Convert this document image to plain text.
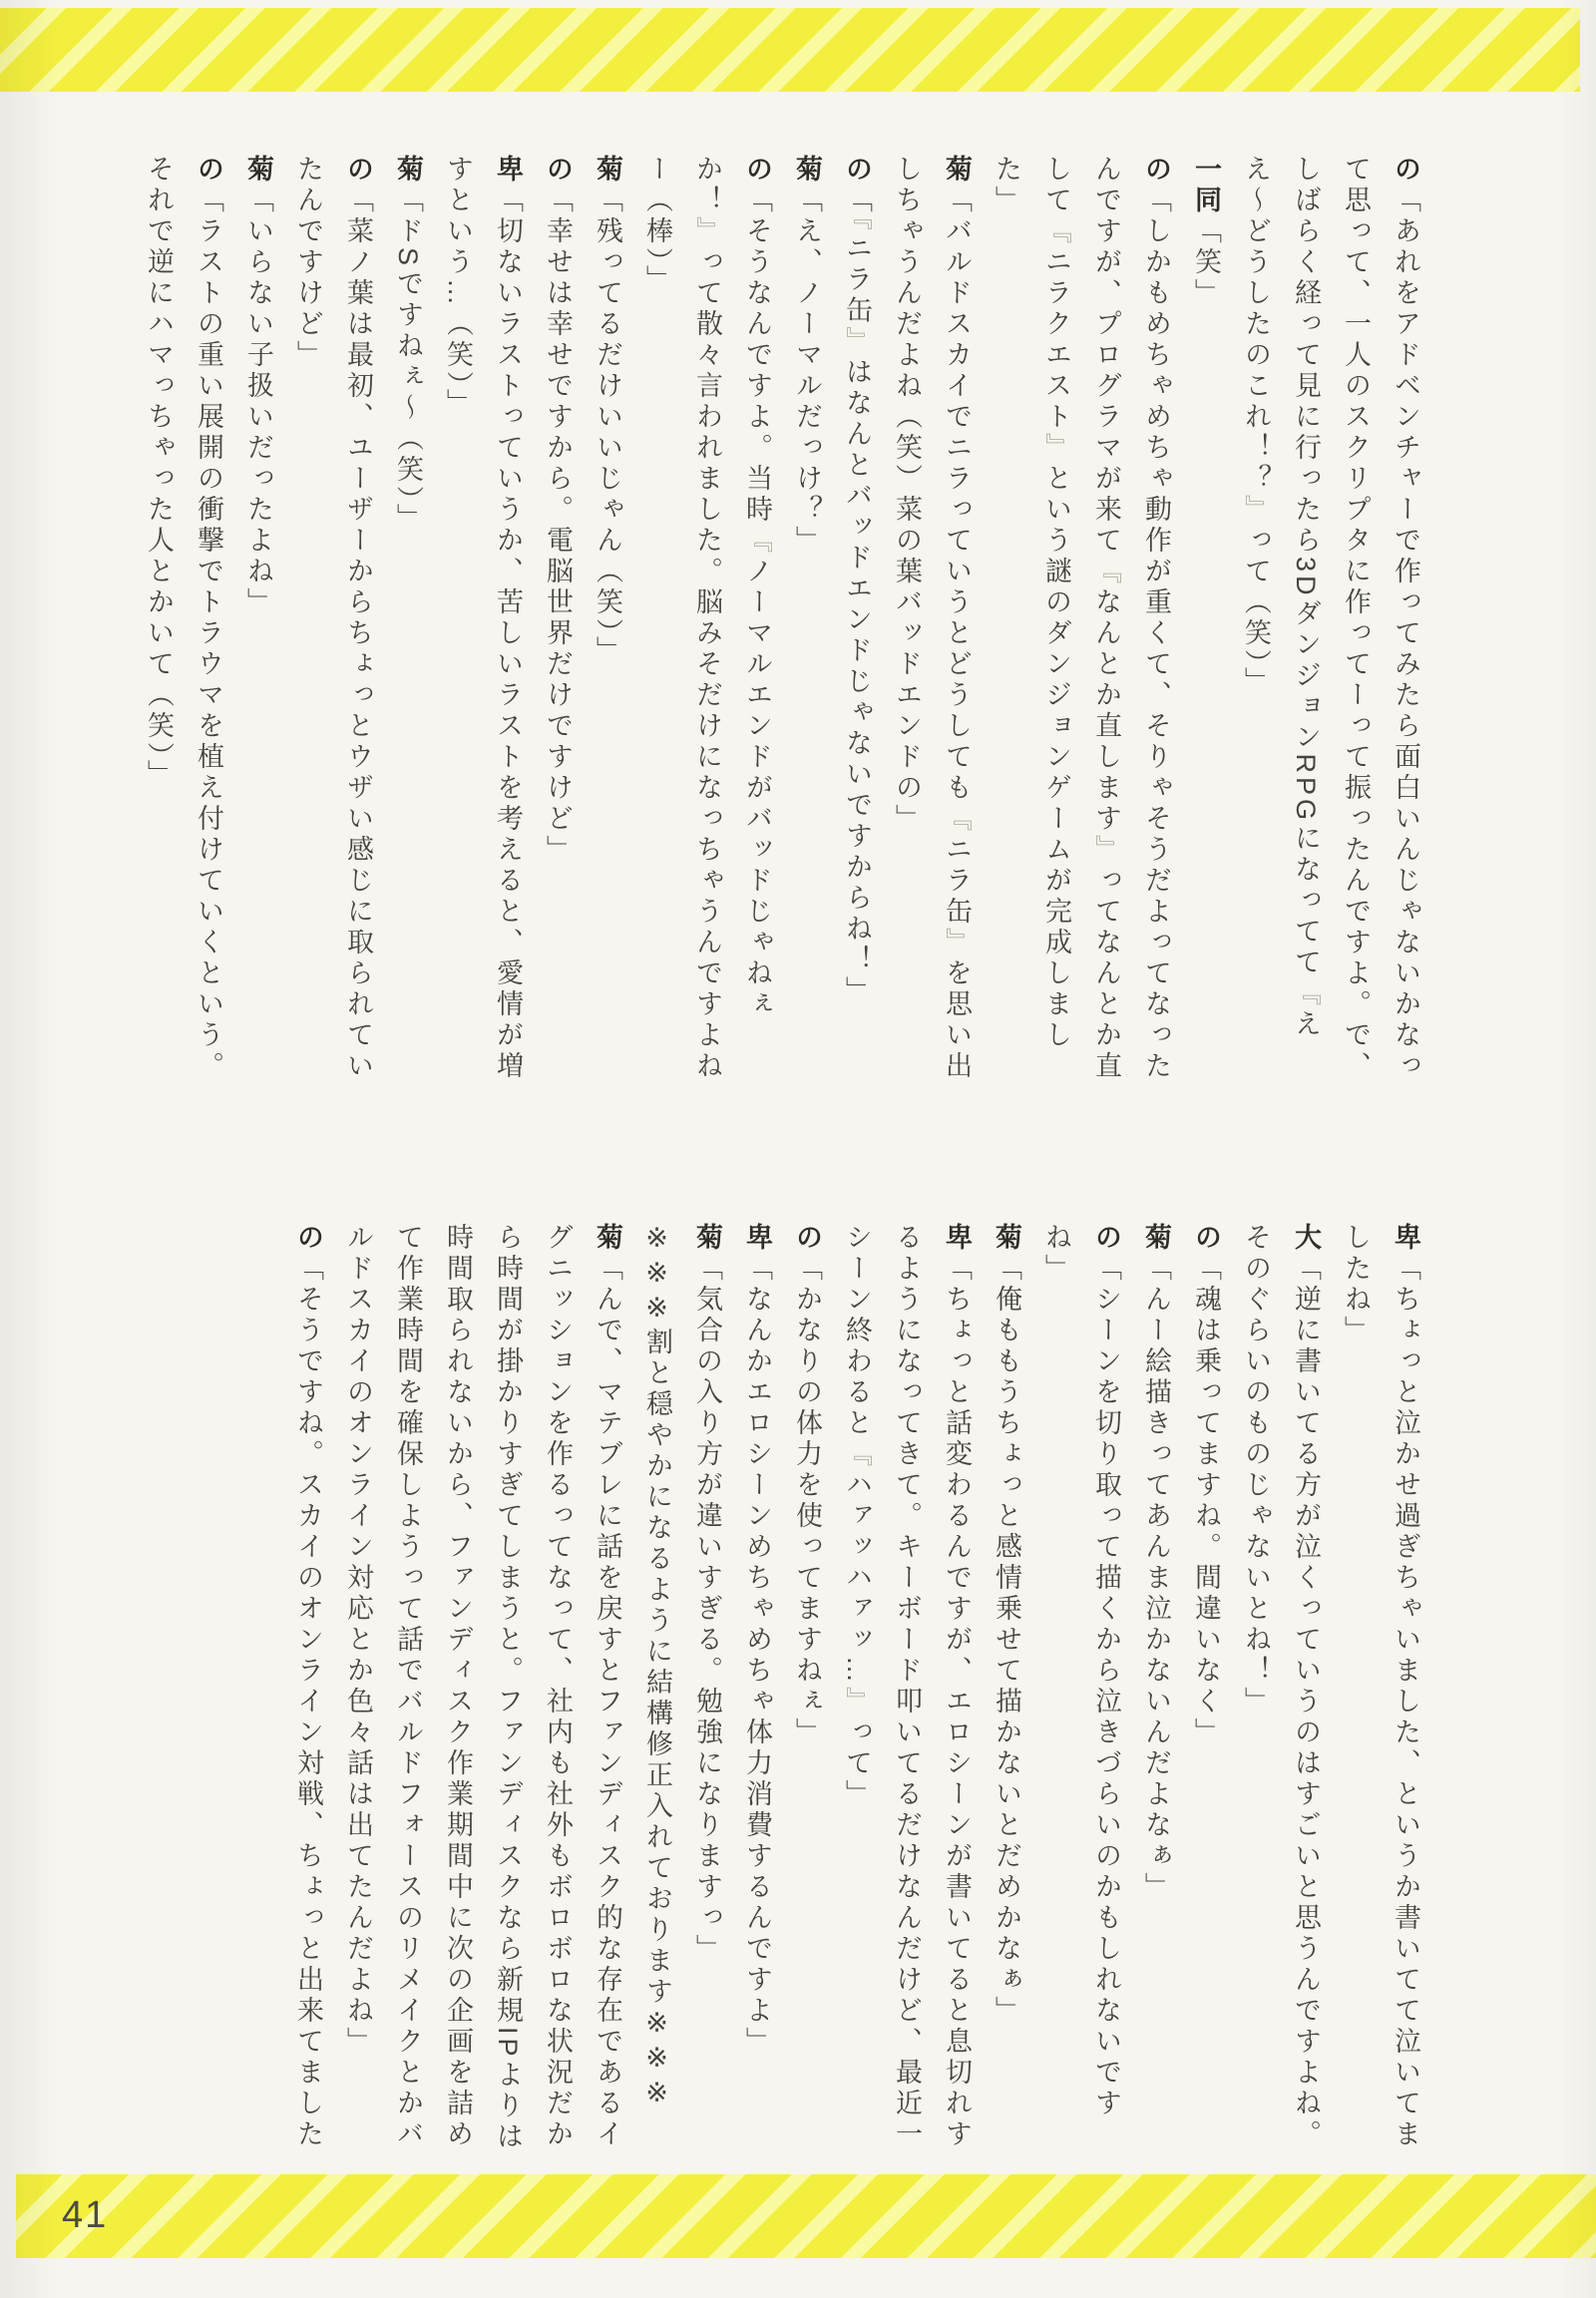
の「あれをアドベンチャーで作ってみたら面白いんじゃないかなって思って、一人のスクリプタに作ってーって振ったんですよ。で、しばらく経って見に行ったら3DダンジョンRPGになってて『ええ〜どうしたのこれ！？』って（笑）」

一同「笑」

の「しかもめちゃめちゃ動作が重くて、そりゃそうだよってなったんですが、プログラマが来て『なんとか直します』ってなんとか直して『ニラクエスト』という謎のダンジョンゲームが完成しました」

菊「バルドスカイでニラっていうとどうしても『ニラ缶』を思い出しちゃうんだよね（笑）菜の葉バッドエンドの」

の「『ニラ缶』はなんとバッドエンドじゃないですからね！」

菊「え、ノーマルだっけ？」

の「そうなんですよ。当時『ノーマルエンドがバッドじゃねぇか！』って散々言われました。脳みそだけになっちゃうんですよねー（棒）」

菊「残ってるだけいいじゃん（笑）」

の「幸せは幸せですから。電脳世界だけですけど」

卑「切ないラストっていうか、苦しいラストを考えると、愛情が増すという…（笑）」

菊「ドSですねぇ〜（笑）」

の「菜ノ葉は最初、ユーザーからちょっとウザい感じに取られていたんですけど」

菊「いらない子扱いだったよね」

の「ラストの重い展開の衝撃でトラウマを植え付けていくという。それで逆にハマっちゃった人とかいて（笑）」

卑「ちょっと泣かせ過ぎちゃいました、というか書いてて泣いてましたね」

大「逆に書いてる方が泣くっていうのはすごいと思うんですよね。そのぐらいのものじゃないとね！」

の「魂は乗ってますね。間違いなく」

菊「んー絵描きってあんま泣かないんだよなぁ」

の「シーンを切り取って描くから泣きづらいのかもしれないですね」

菊「俺ももうちょっと感情乗せて描かないとだめかなぁ」

卑「ちょっと話変わるんですが、エロシーンが書いてると息切れするようになってきて。キーボード叩いてるだけなんだけど、最近一シーン終わると『ハァッハァッ…』って」

の「かなりの体力を使ってますねぇ」

卑「なんかエロシーンめちゃめちゃ体力消費するんですよ」

菊「気合の入り方が違いすぎる。勉強になりますっ」

※※※割と穏やかになるように結構修正入れております※※※

菊「んで、マテブレに話を戻すとファンディスク的な存在であるイグニッションを作るってなって、社内も社外もボロボロな状況だから時間が掛かりすぎてしまうと。ファンディスクなら新規IPよりは時間取られないから、ファンディスク作業期間中に次の企画を詰めて作業時間を確保しようって話でバルドフォースのリメイクとかバルドスカイのオンライン対応とか色々話は出てたんだよね」

の「そうですね。スカイのオンライン対戦、ちょっと出来てました

41
